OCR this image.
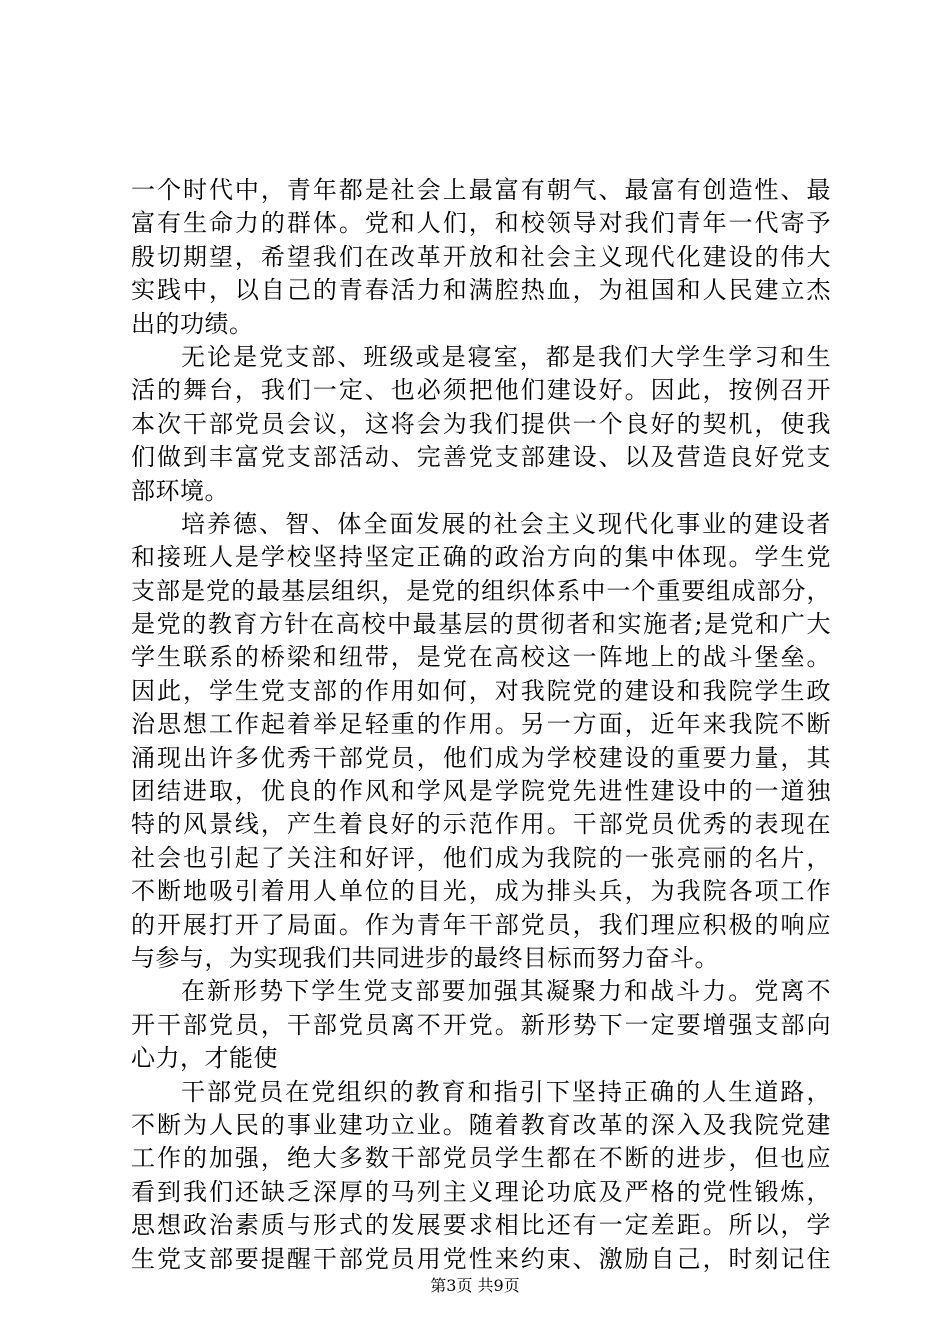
一个时代中，青年都是社会上最富有朝气、最富有创造性、最
富有生命力的群体。党和人们，和校领导对我们青年一代寄予
殷切期望，希望我们在改革开放和社会主义现代化建设的伟大
实践中，以自己的青春活力和满腔热血，为祖国和人民建立杰
出的功绩。
无论是党支部、班级或是寝室，都是我们大学生学习和生
活的舞台，我们一定、也必须把他们建设好。因此，按例召开
本次干部党员会议，这将会为我们提供一个良好的契机，使我
们做到丰富党支部活动、完善党支部建设、以及营造良好党支
部环境。
培养德、智、体全面发展的社会主义现代化事业的建设者
和接班人是学校坚持坚定正确的政治方向的集中体现。学生党
支部是党的最基层组织，是党的组织体系中一个重要组成部分，
是党的教育方针在高校中最基层的贯彻者和实施者;是党和广大
学生联系的桥梁和纽带，是党在高校这一阵地上的战斗堡垒。
因此，学生党支部的作用如何，对我院党的建设和我院学生政
治思想工作起着举足轻重的作用。另一方面，近年来我院不断
涌现出许多优秀干部党员，他们成为学校建设的重要力量，其
团结进取，优良的作风和学风是学院党先进性建设中的一道独
特的风景线，产生着良好的示范作用。干部党员优秀的表现在
社会也引起了关注和好评，他们成为我院的一张亮丽的名片，
不断地吸引着用人单位的目光，成为排头兵，为我院各项工作
的开展打开了局面。作为青年干部党员，我们理应积极的响应
与参与，为实现我们共同进步的最终目标而努力奋斗。
在新形势下学生党支部要加强其凝聚力和战斗力。党离不
开干部党员，干部党员离不开党。新形势下一定要增强支部向
心力，才能使
干部党员在党组织的教育和指引下坚持正确的人生道路，
不断为人民的事业建功立业。随着教育改革的深入及我院党建
工作的加强，绝大多数干部党员学生都在不断的进步，但也应
看到我们还缺乏深厚的马列主义理论功底及严格的党性锻炼，
思想政治素质与形式的发展要求相比还有一定差距。所以，学
生党支部要提醒干部党员用党性来约束、激励自己，时刻记住
第3页 共9页
